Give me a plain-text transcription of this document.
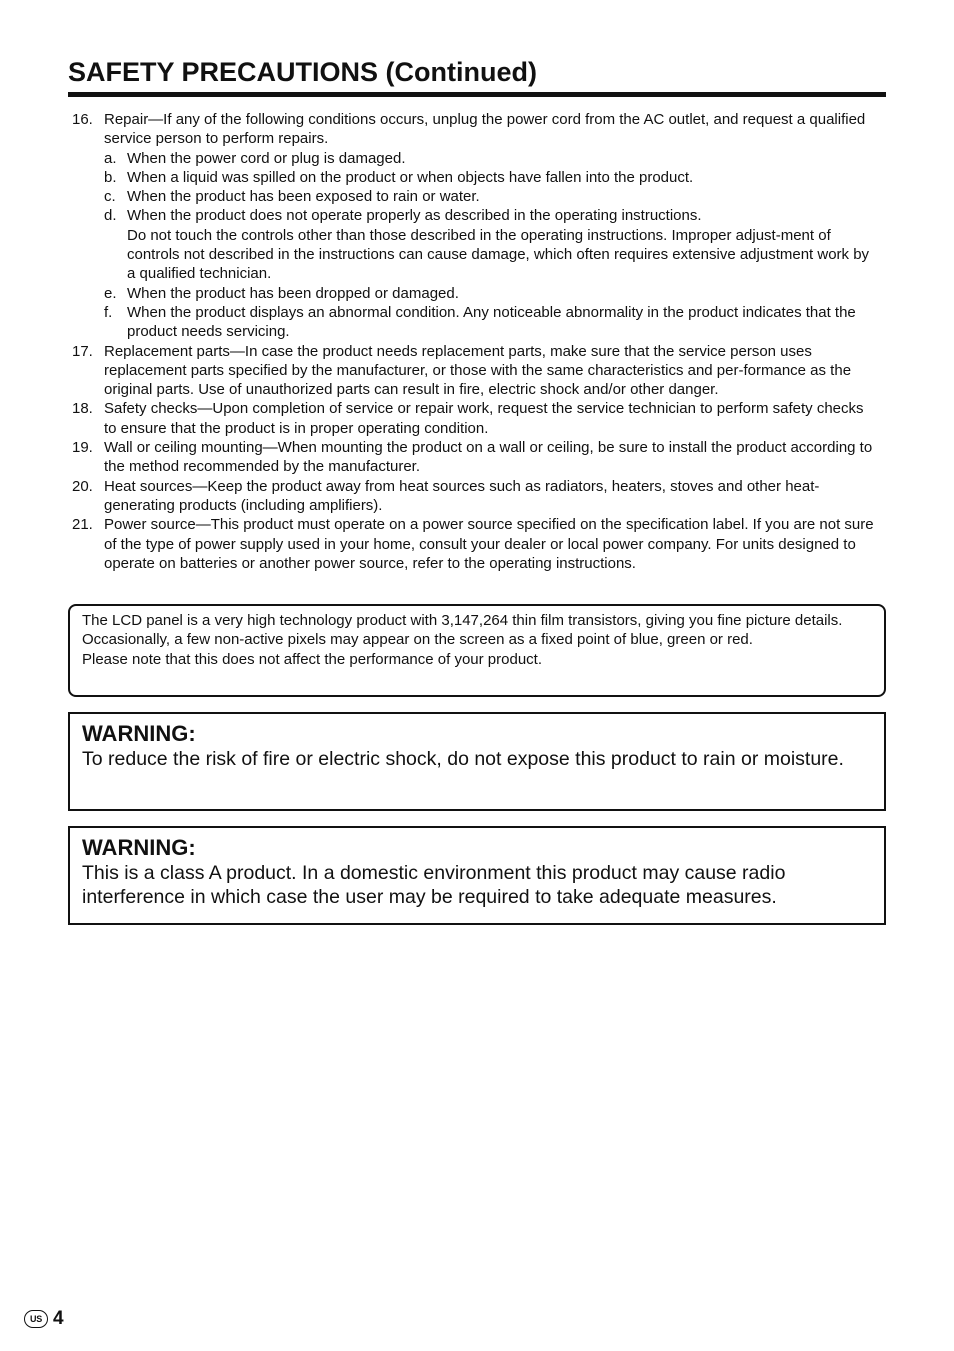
SAFETY PRECAUTIONS (Continued)
16. Repair—If any of the following conditions occurs, unplug the power cord from the AC outlet, and request a qualified service person to perform repairs.
a. When the power cord or plug is damaged.
b. When a liquid was spilled on the product or when objects have fallen into the product.
c. When the product has been exposed to rain or water.
d. When the product does not operate properly as described in the operating instructions.
Do not touch the controls other than those described in the operating instructions. Improper adjust-ment of controls not described in the instructions can cause damage, which often requires extensive adjustment work by a qualified technician.
e. When the product has been dropped or damaged.
f. When the product displays an abnormal condition. Any noticeable abnormality in the product indicates that the product needs servicing.
17. Replacement parts—In case the product needs replacement parts, make sure that the service person uses replacement parts specified by the manufacturer, or those with the same characteristics and per-formance as the original parts. Use of unauthorized parts can result in fire, electric shock and/or other danger.
18. Safety checks—Upon completion of service or repair work, request the service technician to perform safety checks to ensure that the product is in proper operating condition.
19. Wall or ceiling mounting—When mounting the product on a wall or ceiling, be sure to install the product according to the method recommended by the manufacturer.
20. Heat sources—Keep the product away from heat sources such as radiators, heaters, stoves and other heat-generating products (including amplifiers).
21. Power source—This product must operate on a power source specified on the specification label. If you are not sure of the type of power supply used in your home, consult your dealer or local power company. For units designed to operate on batteries or another power source, refer to the operating instructions.
The LCD panel is a very high technology product with 3,147,264 thin film transistors, giving you fine picture details.
Occasionally, a few non-active pixels may appear on the screen as a fixed point of blue, green or red.
Please note that this does not affect the performance of your product.
WARNING:
To reduce the risk of fire or electric shock, do not expose this product to rain or moisture.
WARNING:
This is a class A product. In a domestic environment this product may cause radio interference in which case the user may be required to take adequate measures.
US 4
